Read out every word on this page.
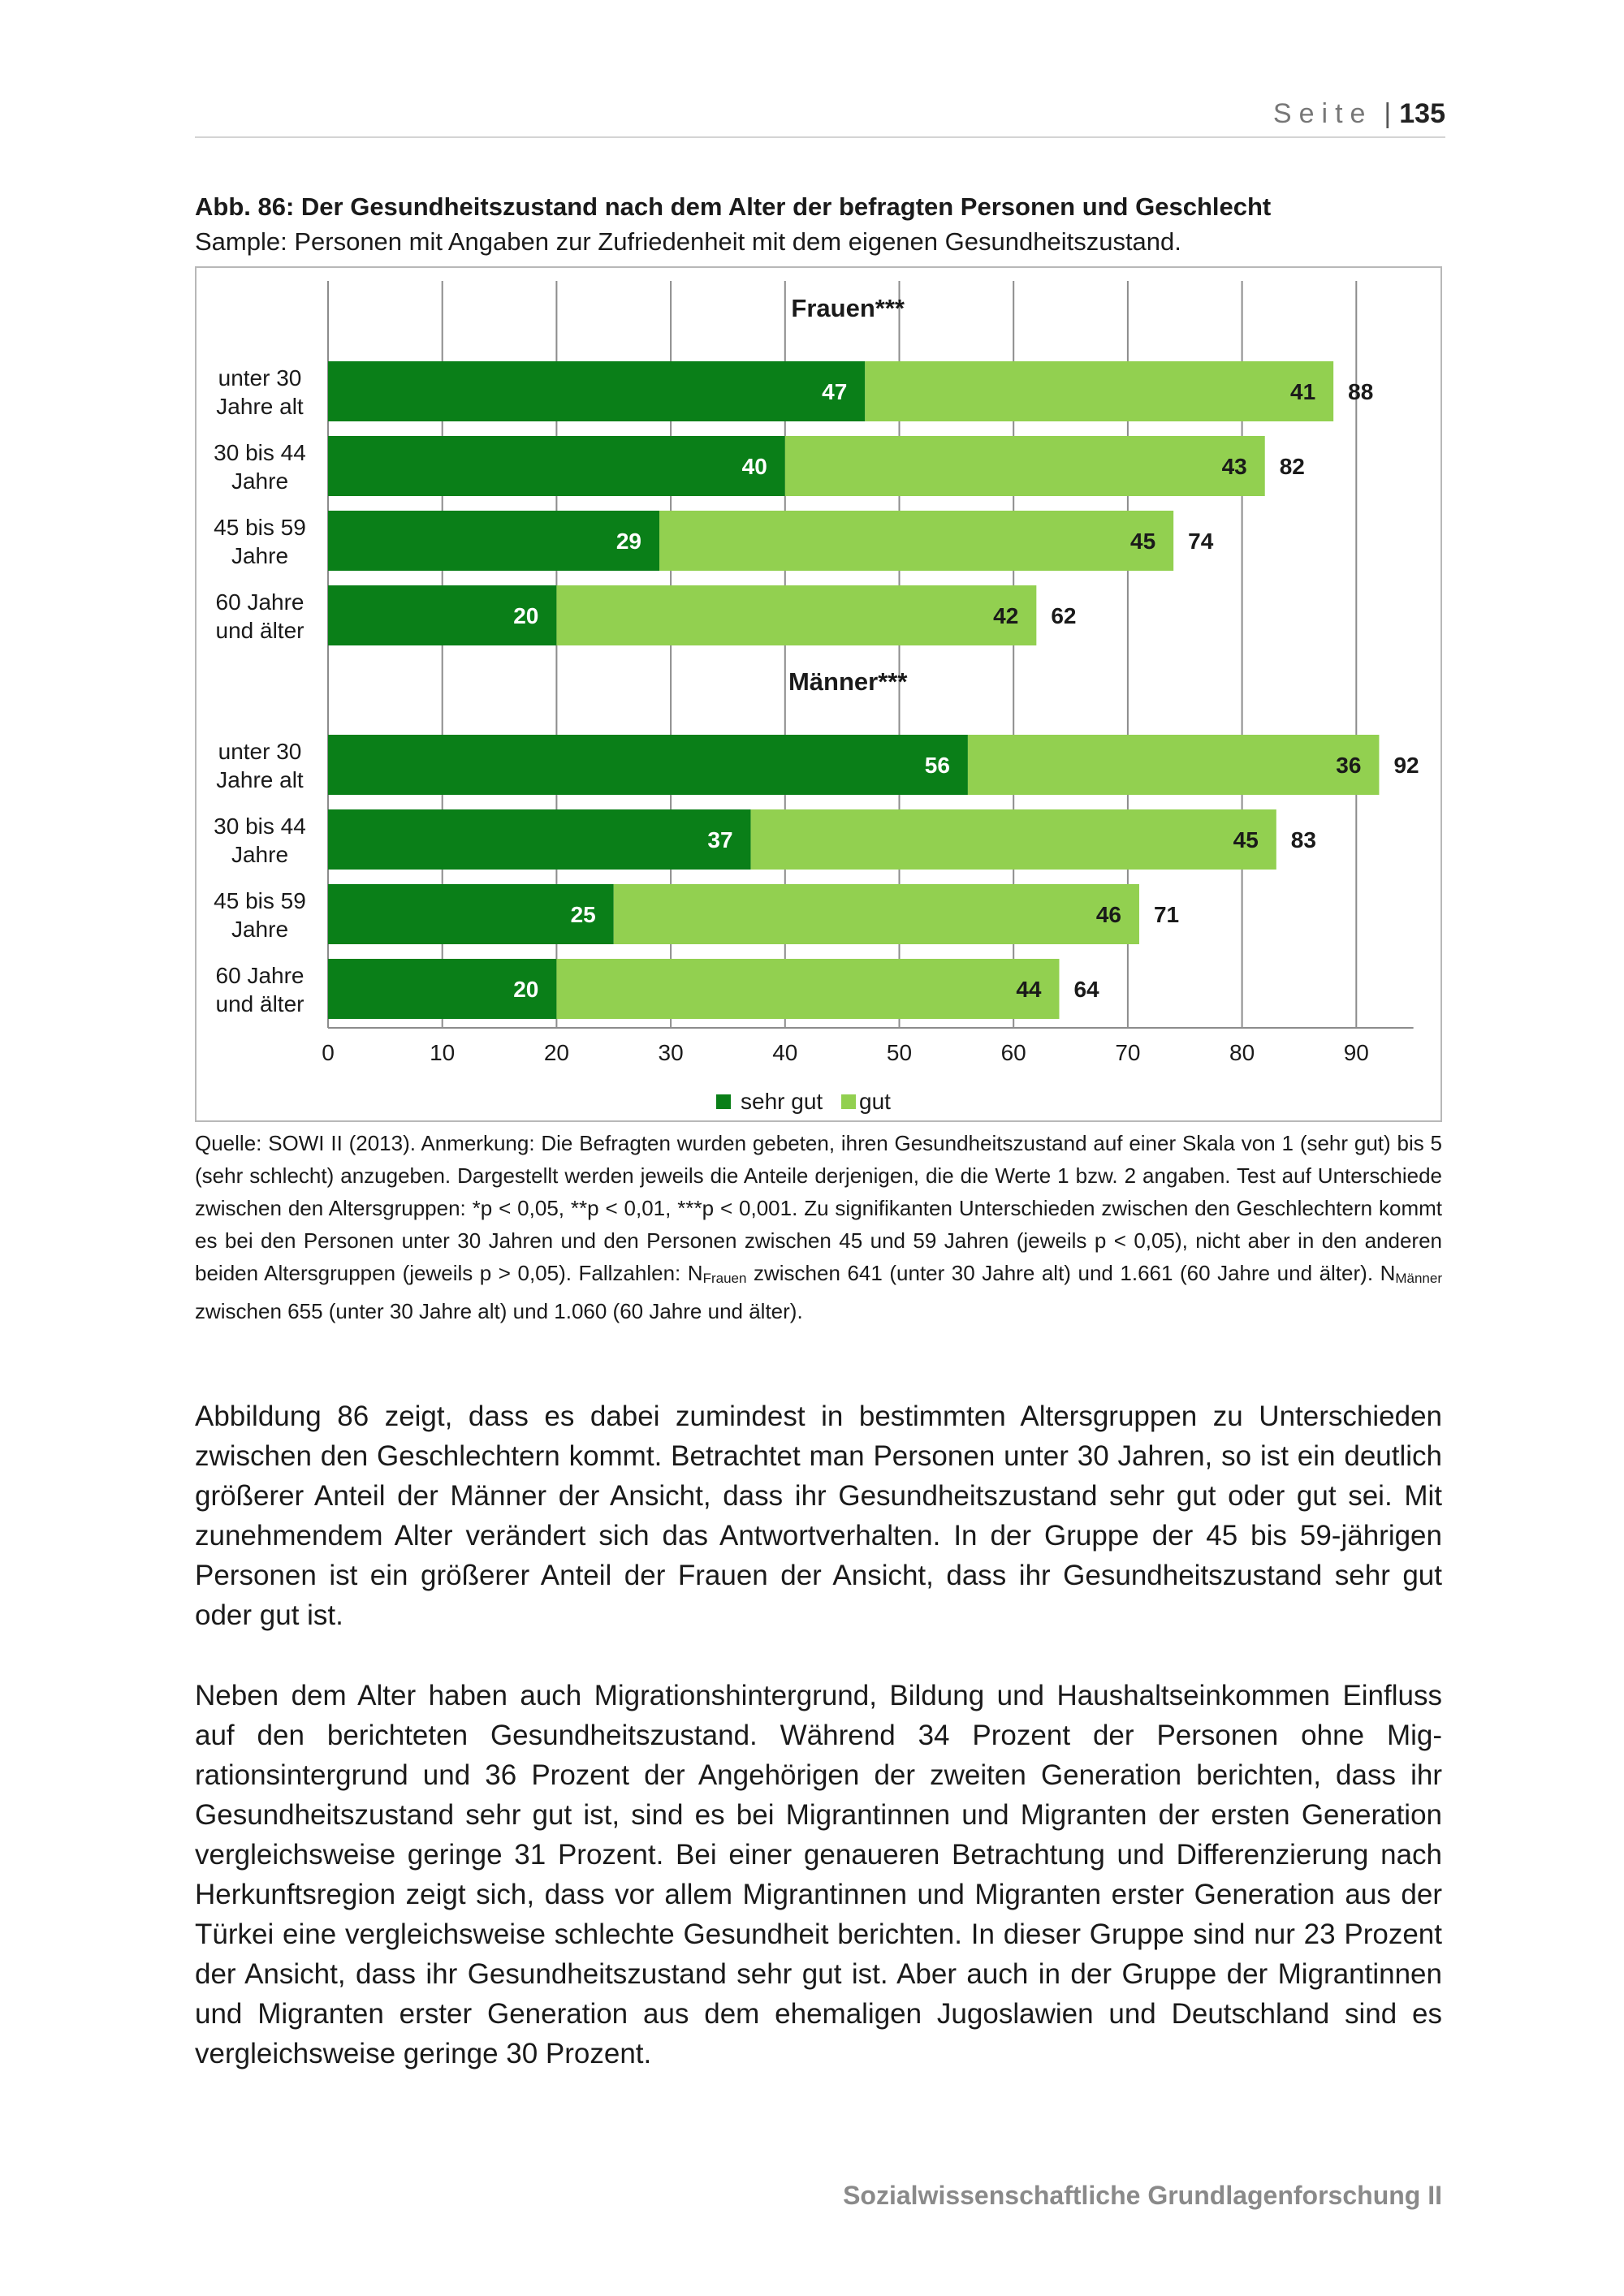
Seite | 135
Abb. 86: Der Gesundheitszustand nach dem Alter der befragten Personen und Geschlecht
Sample: Personen mit Angaben zur Zufriedenheit mit dem eigenen Gesundheitszustand.
0	10	20	30	40	50	60	70	80	90
Frauen***
unter 30
Jahre alt
47	41 88
30 bis 44
Jahre
40	43 82
45 bis 59
Jahre
29	45 74
60 Jahre
und älter
20	42 62
Männer***
unter 30
Jahre alt
56	36 92
30 bis 44
Jahre
37	45 83
45 bis 59
Jahre
25	46 71
60 Jahre
und älter
20	44 64
sehr gut gut
Quelle: SOWI II (2013). Anmerkung: Die Befragten wurden gebeten, ihren Gesundheitszustand auf einer Skala von 1 (sehr gut) bis 5 (sehr schlecht) anzugeben. Dargestellt werden jeweils die Anteile derjenigen, die die Werte 1 bzw. 2 angaben. Test auf Unterschiede zwischen den Altersgruppen: *p < 0,05, **p < 0,01, ***p < 0,001. Zu signifikanten Unterschieden zwischen den Geschlechtern kommt es bei den Personen unter 30 Jahren und den Personen zwischen 45 und 59 Jahren (jeweils p < 0,05), nicht aber in den anderen beiden Altersgruppen (jeweils p > 0,05). Fallzahlen: $N_{Frauen}$ zwischen 641 (unter 30 Jahre alt) und 1.661 (60 Jahre und älter). $N_{Männer}$ zwischen 655 (unter 30 Jahre alt) und 1.060 (60 Jahre und älter).
Abbildung 86 zeigt, dass es dabei zumindest in bestimmten Altersgruppen zu Unterschieden zwischen den Geschlechtern kommt. Betrachtet man Personen unter 30 Jahren, so ist ein deutlich größerer Anteil der Männer der Ansicht, dass ihr Gesundheitszustand sehr gut oder gut sei. Mit zunehmendem Alter verändert sich das Antwortverhalten. In der Gruppe der 45 bis 59-jährigen Personen ist ein größerer Anteil der Frauen der Ansicht, dass ihr Gesundheitszustand sehr gut oder gut ist.
Neben dem Alter haben auch Migrationshintergrund, Bildung und Haushaltseinkommen Einfluss auf den berichteten Gesundheitszustand. Während 34 Prozent der Personen ohne Migrationsintergrund und 36 Prozent der Angehörigen der zweiten Generation berichten, dass ihr Gesundheitszustand sehr gut ist, sind es bei Migrantinnen und Migranten der ersten Generation vergleichsweise geringe 31 Prozent. Bei einer genaueren Betrachtung und Differenzierung nach Herkunftsregion zeigt sich, dass vor allem Migrantinnen und Migranten erster Generation aus der Türkei eine vergleichsweise schlechte Gesundheit berichten. In dieser Gruppe sind nur 23 Prozent der Ansicht, dass ihr Gesundheitszustand sehr gut ist. Aber auch in der Gruppe der Migrantinnen und Migranten erster Generation aus dem ehemaligen Jugoslawien und Deutschland sind es vergleichsweise geringe 30 Prozent.
Sozialwissenschaftliche Grundlagenforschung II
